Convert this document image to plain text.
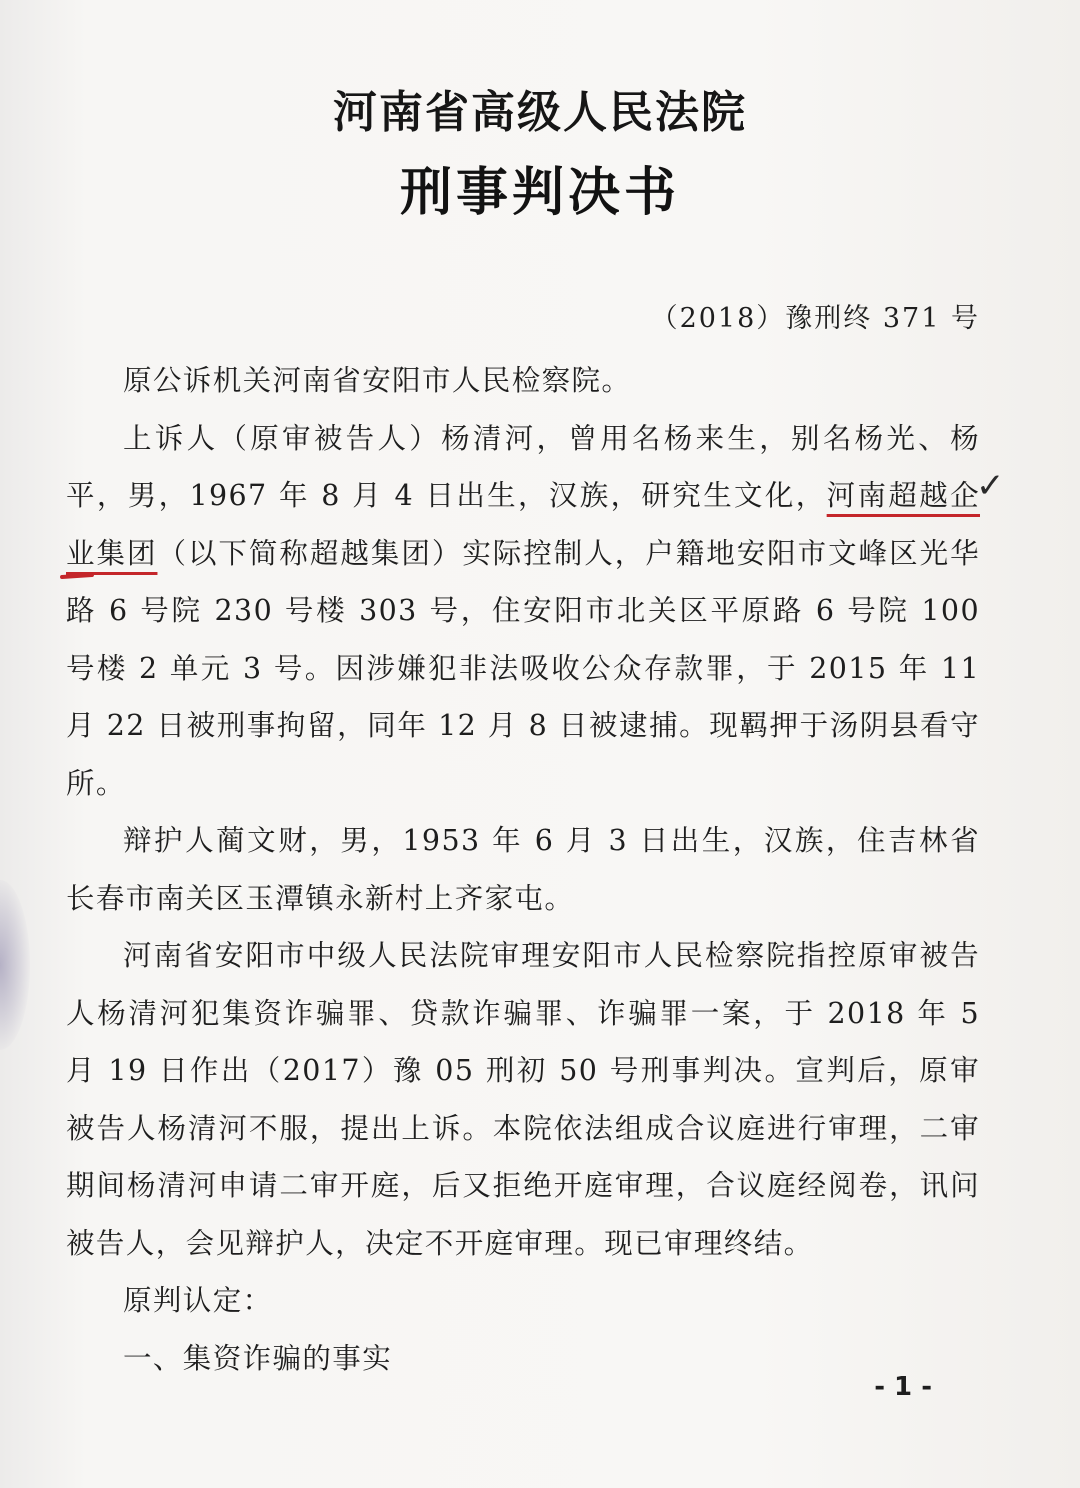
河南省高级人民法院
刑事判决书
（2018）豫刑终 371 号

原公诉机关河南省安阳市人民检察院。

上诉人（原审被告人）杨清河，曾用名杨来生，别名杨光、杨平，男，1967 年 8 月 4 日出生，汉族，研究生文化，河南超越企业集团（以下简称超越集团）实际控制人，户籍地安阳市文峰区光华路 6 号院 230 号楼 303 号，住安阳市北关区平原路 6 号院 100 号楼 2 单元 3 号。因涉嫌犯非法吸收公众存款罪，于 2015 年 11 月 22 日被刑事拘留，同年 12 月 8 日被逮捕。现羁押于汤阴县看守所。

辩护人蔺文财，男，1953 年 6 月 3 日出生，汉族，住吉林省长春市南关区玉潭镇永新村上齐家屯。

河南省安阳市中级人民法院审理安阳市人民检察院指控原审被告人杨清河犯集资诈骗罪、贷款诈骗罪、诈骗罪一案，于 2018 年 5 月 19 日作出（2017）豫 05 刑初 50 号刑事判决。宣判后，原审被告人杨清河不服，提出上诉。本院依法组成合议庭进行审理，二审期间杨清河申请二审开庭，后又拒绝开庭审理，合议庭经阅卷，讯问被告人，会见辩护人，决定不开庭审理。现已审理终结。

原判认定：

一、集资诈骗的事实

✓
- 1 -
